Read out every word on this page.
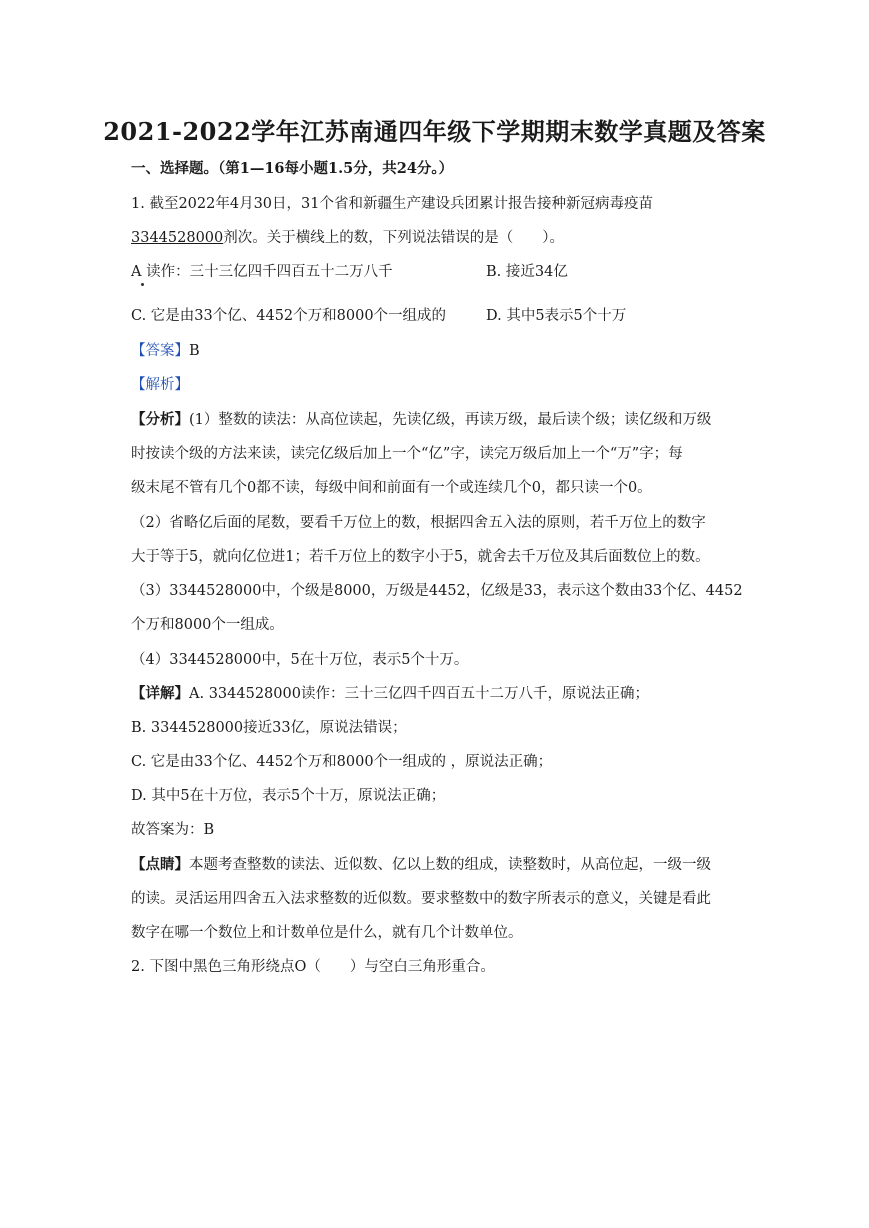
2021-2022学年江苏南通四年级下学期期末数学真题及答案
一、选择题。（第1—16每小题1.5分，共24分。）
1. 截至2022年4月30日，31个省和新疆生产建设兵团累计报告接种新冠病毒疫苗
3344528000剂次。关于横线上的数，下列说法错误的是（　　）。
A 读作：三十三亿四千四百五十二万八千	B. 接近34亿
C. 它是由33个亿、4452个万和8000个一组成的	D. 其中5表示5个十万
【答案】B
【解析】
【分析】(1）整数的读法：从高位读起，先读亿级，再读万级，最后读个级；读亿级和万级
时按读个级的方法来读，读完亿级后加上一个“亿”字，读完万级后加上一个“万”字；每
级末尾不管有几个0都不读，每级中间和前面有一个或连续几个0，都只读一个0。
（2）省略亿后面的尾数，要看千万位上的数，根据四舍五入法的原则，若千万位上的数字
大于等于5，就向亿位进1；若千万位上的数字小于5，就舍去千万位及其后面数位上的数。
（3）3344528000中，个级是8000，万级是4452，亿级是33，表示这个数由33个亿、4452
个万和8000个一组成。
（4）3344528000中，5在十万位，表示5个十万。
【详解】A. 3344528000读作：三十三亿四千四百五十二万八千，原说法正确；
B. 3344528000接近33亿，原说法错误；
C. 它是由33个亿、4452个万和8000个一组成的 ，原说法正确；
D. 其中5在十万位，表示5个十万，原说法正确；
故答案为：B
【点睛】本题考查整数的读法、近似数、亿以上数的组成，读整数时，从高位起，一级一级
的读。灵活运用四舍五入法求整数的近似数。要求整数中的数字所表示的意义，关键是看此
数字在哪一个数位上和计数单位是什么，就有几个计数单位。
2. 下图中黑色三角形绕点O（　　）与空白三角形重合。
